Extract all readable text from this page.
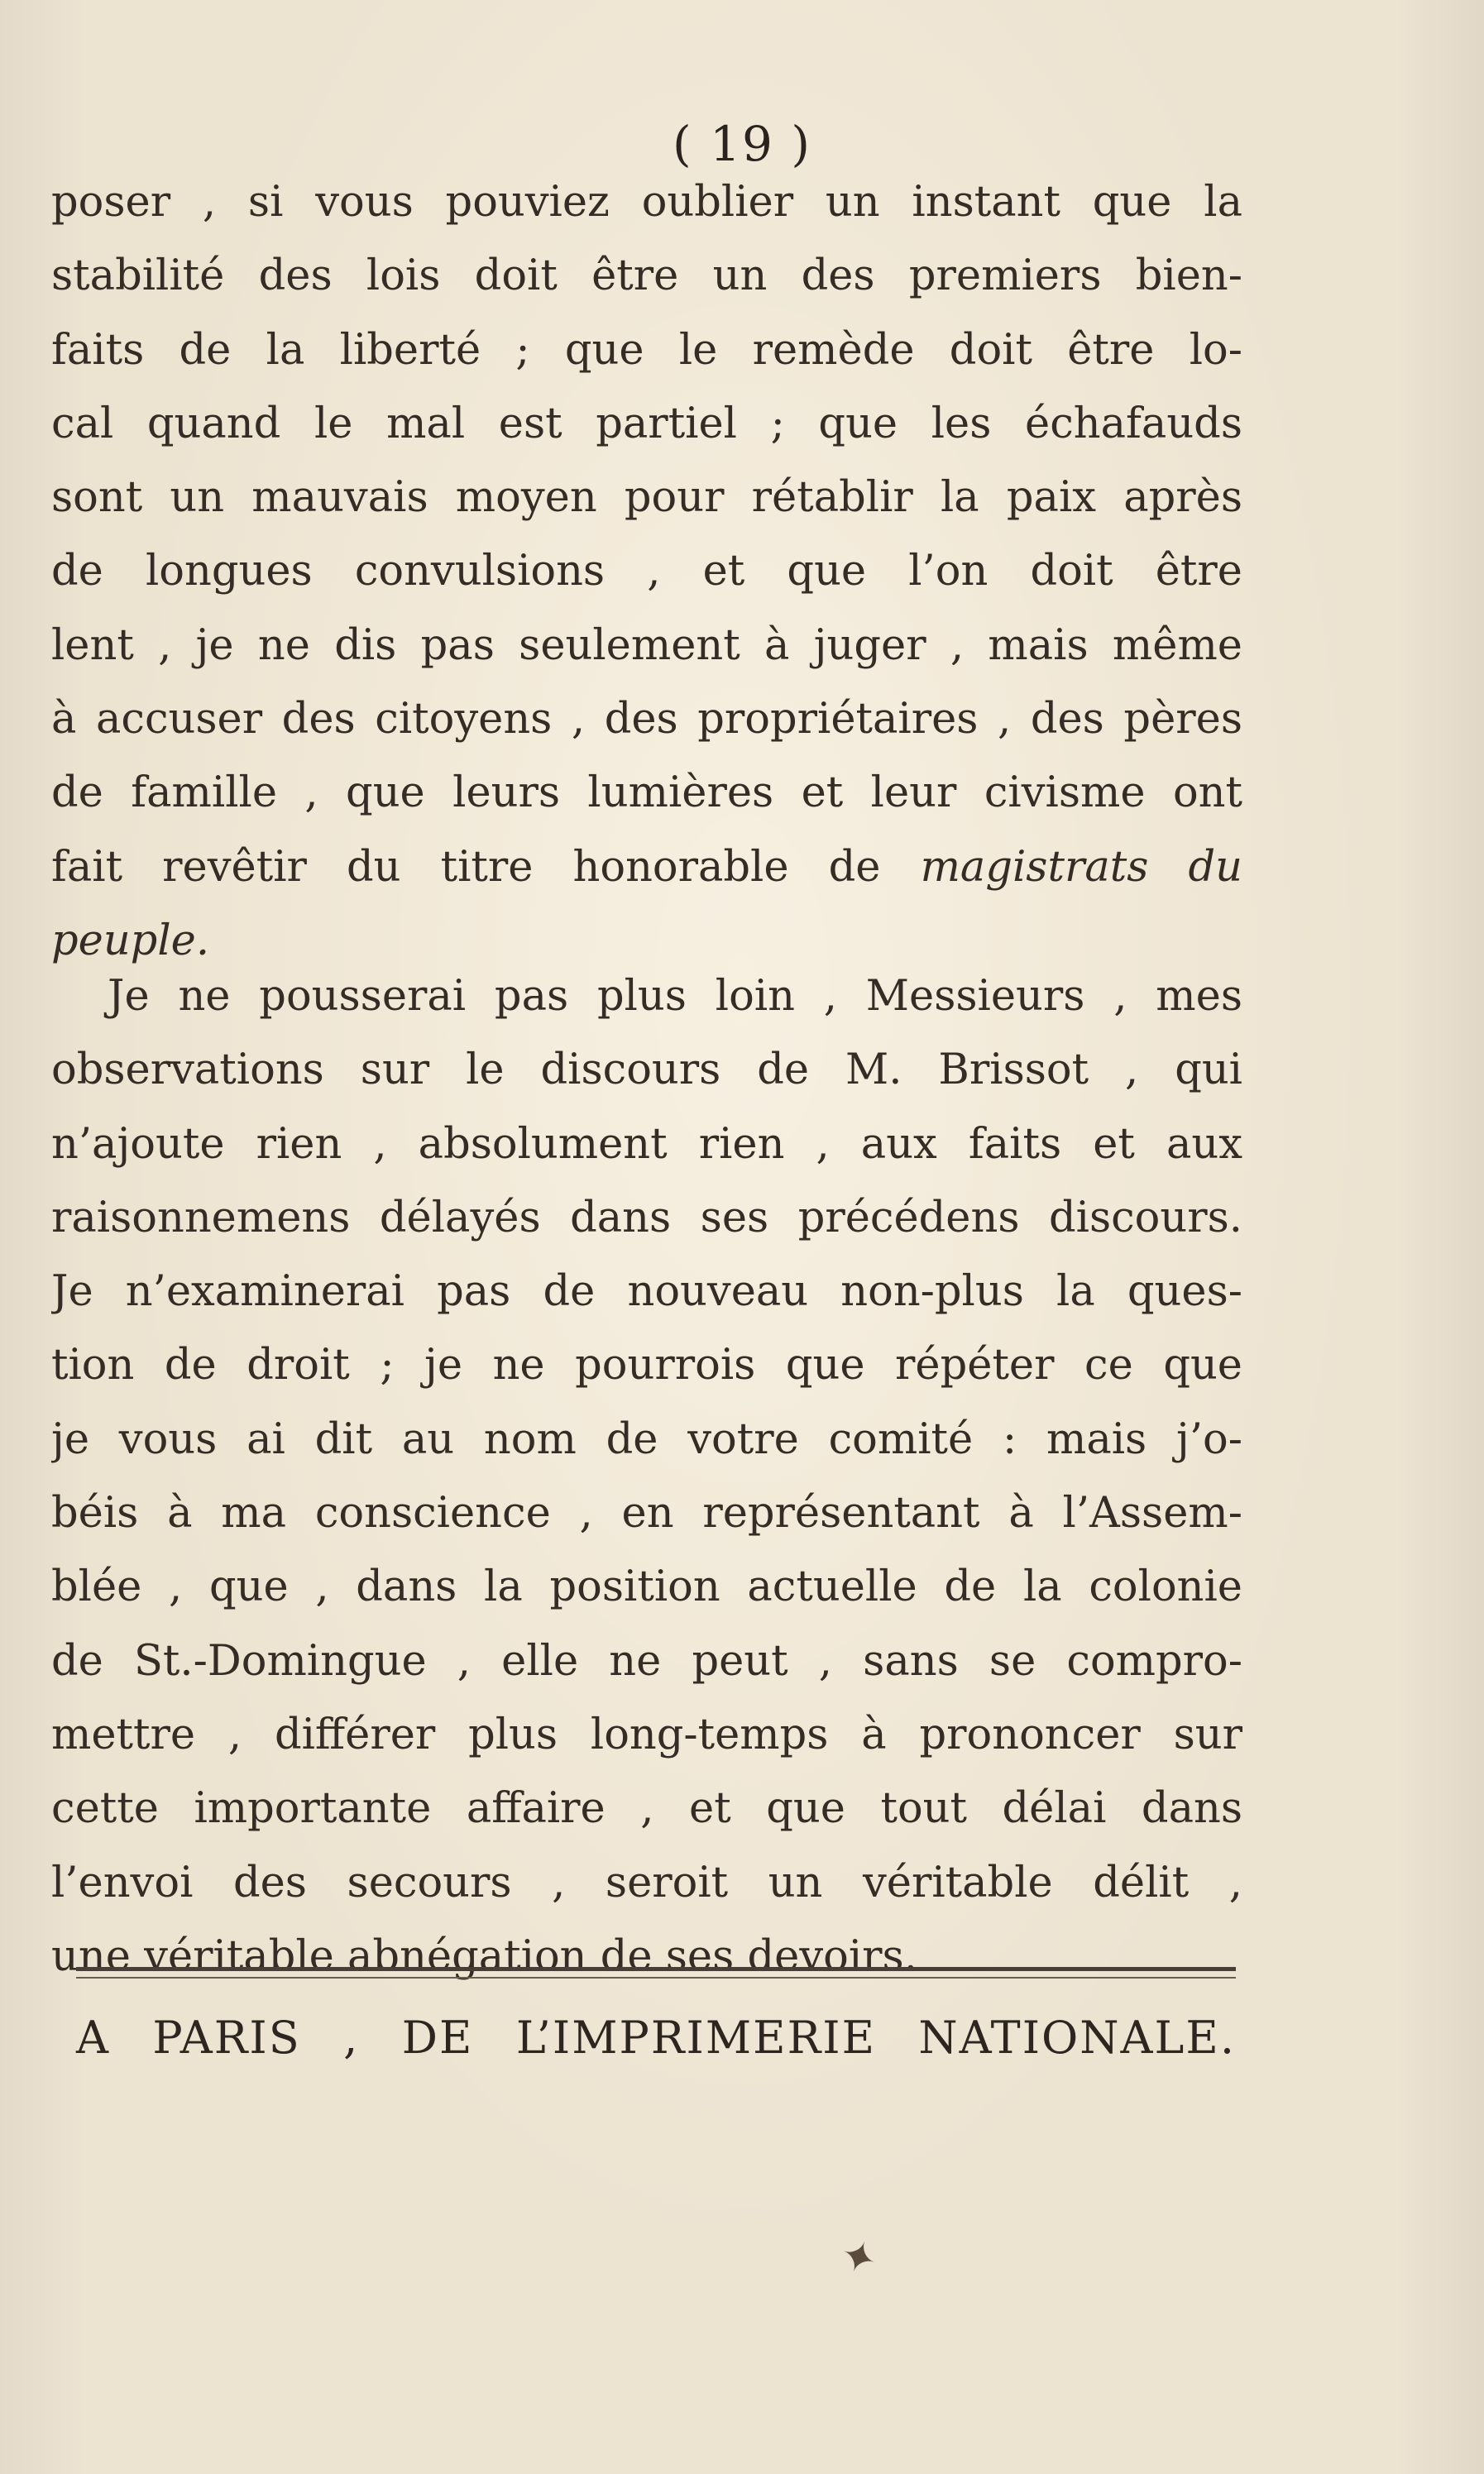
( 19 )
poser , si vous pouviez oublier un instant que la
stabilité des lois doit être un des premiers bien-
faits de la liberté ; que le remède doit être lo-
cal quand le mal est partiel ; que les échafauds
sont un mauvais moyen pour rétablir la paix après
de longues convulsions , et que l’on doit être
lent , je ne dis pas seulement à juger , mais même
à accuser des citoyens , des propriétaires , des pères
de famille , que leurs lumières et leur civisme ont
fait revêtir du titre honorable de magistrats du
peuple.
Je ne pousserai pas plus loin , Messieurs , mes
observations sur le discours de M. Brissot , qui
n’ajoute rien , absolument rien , aux faits et aux
raisonnemens délayés dans ses précédens discours.
Je n’examinerai pas de nouveau non-plus la ques-
tion de droit ; je ne pourrois que répéter ce que
je vous ai dit au nom de votre comité : mais j’o-
béis à ma conscience , en représentant à l’Assem-
blée , que , dans la position actuelle de la colonie
de St.-Domingue , elle ne peut , sans se compro-
mettre , différer plus long-temps à prononcer sur
cette importante affaire , et que tout délai dans
l’envoi des secours , seroit un véritable délit ,
une véritable abnégation de ses devoirs.
A PARIS , DE L’IMPRIMERIE NATIONALE.
✦
